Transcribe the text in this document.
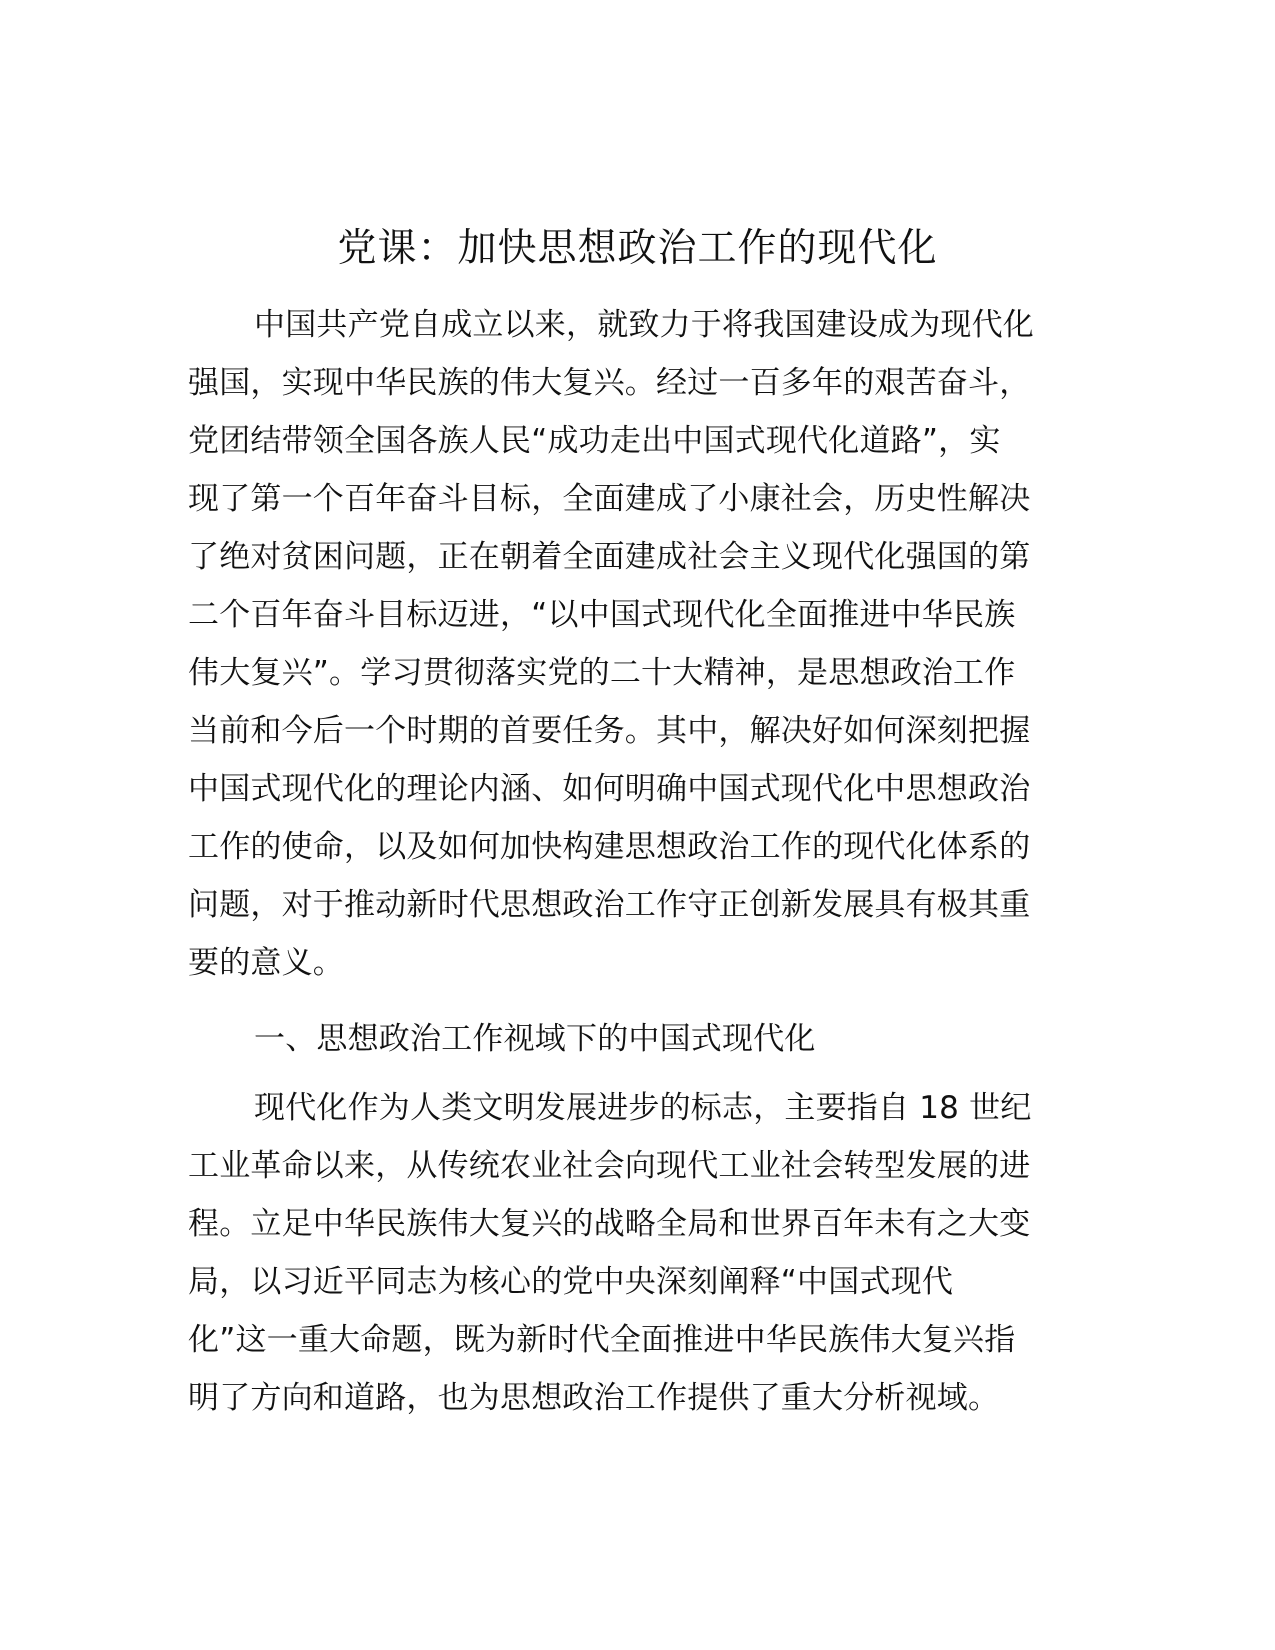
党课：加快思想政治工作的现代化

中国共产党自成立以来，就致力于将我国建设成为现代化
强国，实现中华民族的伟大复兴。经过一百多年的艰苦奋斗，
党团结带领全国各族人民“成功走出中国式现代化道路”，实
现了第一个百年奋斗目标，全面建成了小康社会，历史性解决
了绝对贫困问题，正在朝着全面建成社会主义现代化强国的第
二个百年奋斗目标迈进，“以中国式现代化全面推进中华民族
伟大复兴”。学习贯彻落实党的二十大精神，是思想政治工作
当前和今后一个时期的首要任务。其中，解决好如何深刻把握
中国式现代化的理论内涵、如何明确中国式现代化中思想政治
工作的使命，以及如何加快构建思想政治工作的现代化体系的
问题，对于推动新时代思想政治工作守正创新发展具有极其重
要的意义。

一、思想政治工作视域下的中国式现代化

现代化作为人类文明发展进步的标志，主要指自 18 世纪
工业革命以来，从传统农业社会向现代工业社会转型发展的进
程。立足中华民族伟大复兴的战略全局和世界百年未有之大变
局，以习近平同志为核心的党中央深刻阐释“中国式现代
化”这一重大命题，既为新时代全面推进中华民族伟大复兴指
明了方向和道路，也为思想政治工作提供了重大分析视域。
